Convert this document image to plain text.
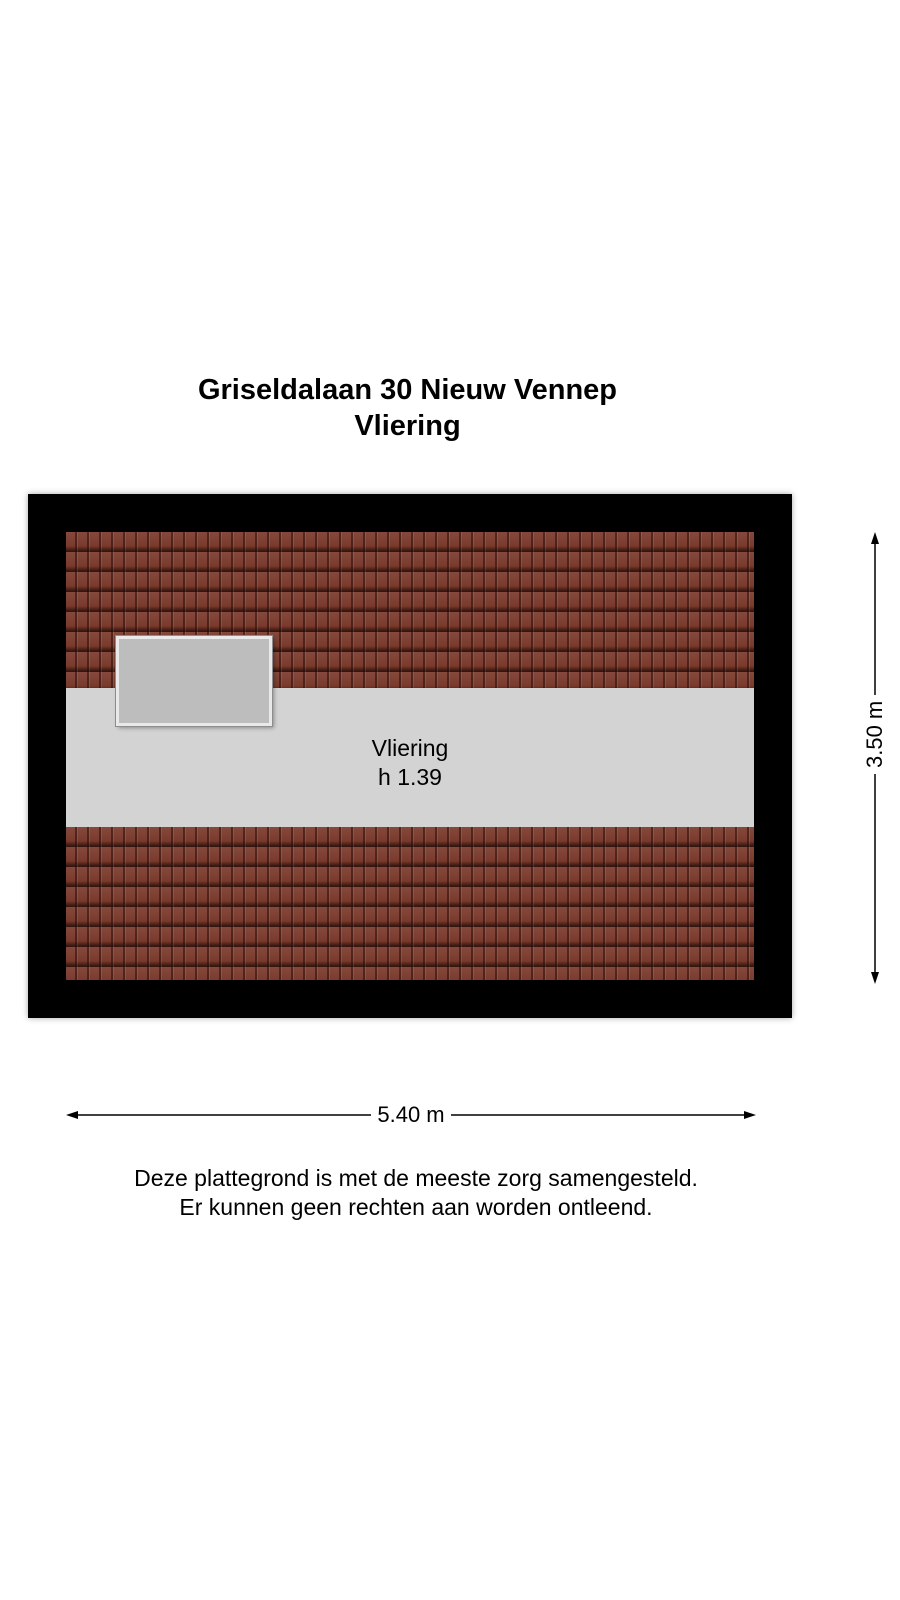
Griseldalaan 30 Nieuw Vennep
Vliering
Vliering
h 1.39
3.50 m
5.40 m
Deze plattegrond is met de meeste zorg samengesteld.
Er kunnen geen rechten aan worden ontleend.
